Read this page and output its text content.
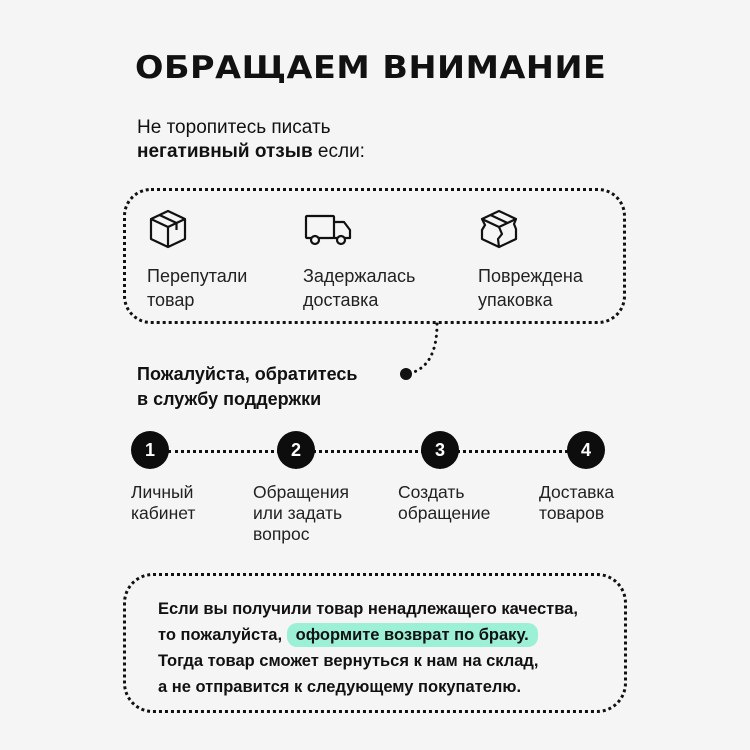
ОБРАЩАЕМ ВНИМАНИЕ
Не торопитесь писать
негативный отзыв если:
Перепутали
товар
Задержалась
доставка
Повреждена
упаковка
Пожалуйста, обратитесь
в службу поддержки
1	2	3	4
Личный
кабинет
Обращения
или задать
вопрос
Создать
обращение
Доставка
товаров
Если вы получили товар ненадлежащего качества,
то пожалуйста, оформите возврат по браку.
Тогда товар сможет вернуться к нам на склад,
а не отправится к следующему покупателю.
